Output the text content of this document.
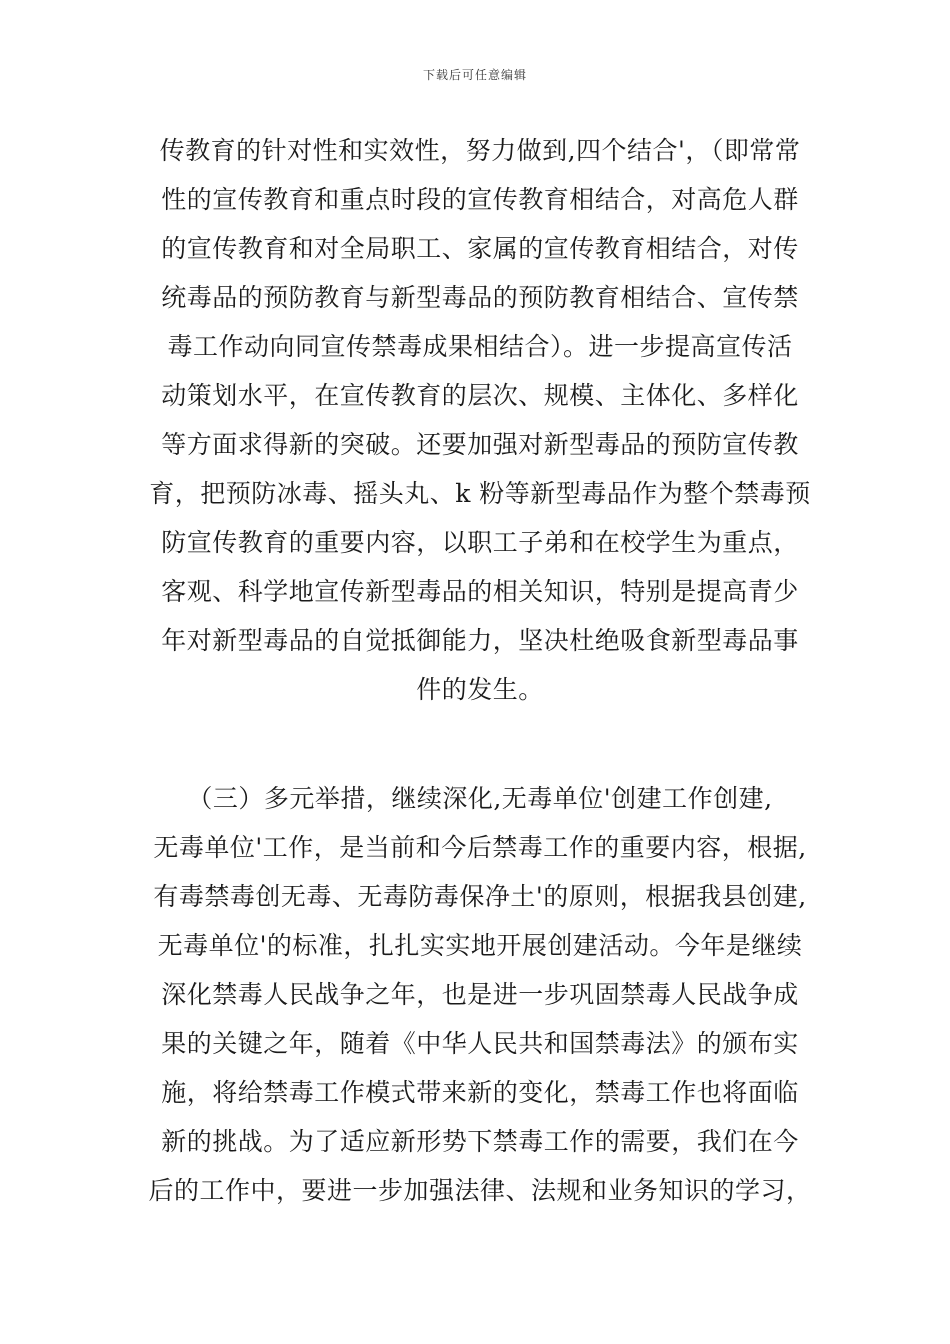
下载后可任意编辑
传教育的针对性和实效性，努力做到,四个结合'，（即常常
性的宣传教育和重点时段的宣传教育相结合，对高危人群
的宣传教育和对全局职工、家属的宣传教育相结合，对传
统毒品的预防教育与新型毒品的预防教育相结合、宣传禁
毒工作动向同宣传禁毒成果相结合）。进一步提高宣传活
动策划水平，在宣传教育的层次、规模、主体化、多样化
等方面求得新的突破。还要加强对新型毒品的预防宣传教
育，把预防冰毒、摇头丸、k 粉等新型毒品作为整个禁毒预
防宣传教育的重要内容，以职工子弟和在校学生为重点，
客观、科学地宣传新型毒品的相关知识，特别是提高青少
年对新型毒品的自觉抵御能力，坚决杜绝吸食新型毒品事
件的发生。
（三）多元举措，继续深化,无毒单位'创建工作创建,
无毒单位'工作，是当前和今后禁毒工作的重要内容，根据,
有毒禁毒创无毒、无毒防毒保净土'的原则，根据我县创建,
无毒单位'的标准，扎扎实实地开展创建活动。今年是继续
深化禁毒人民战争之年，也是进一步巩固禁毒人民战争成
果的关键之年，随着《中华人民共和国禁毒法》的颁布实
施，将给禁毒工作模式带来新的变化，禁毒工作也将面临
新的挑战。为了适应新形势下禁毒工作的需要，我们在今
后的工作中，要进一步加强法律、法规和业务知识的学习，
